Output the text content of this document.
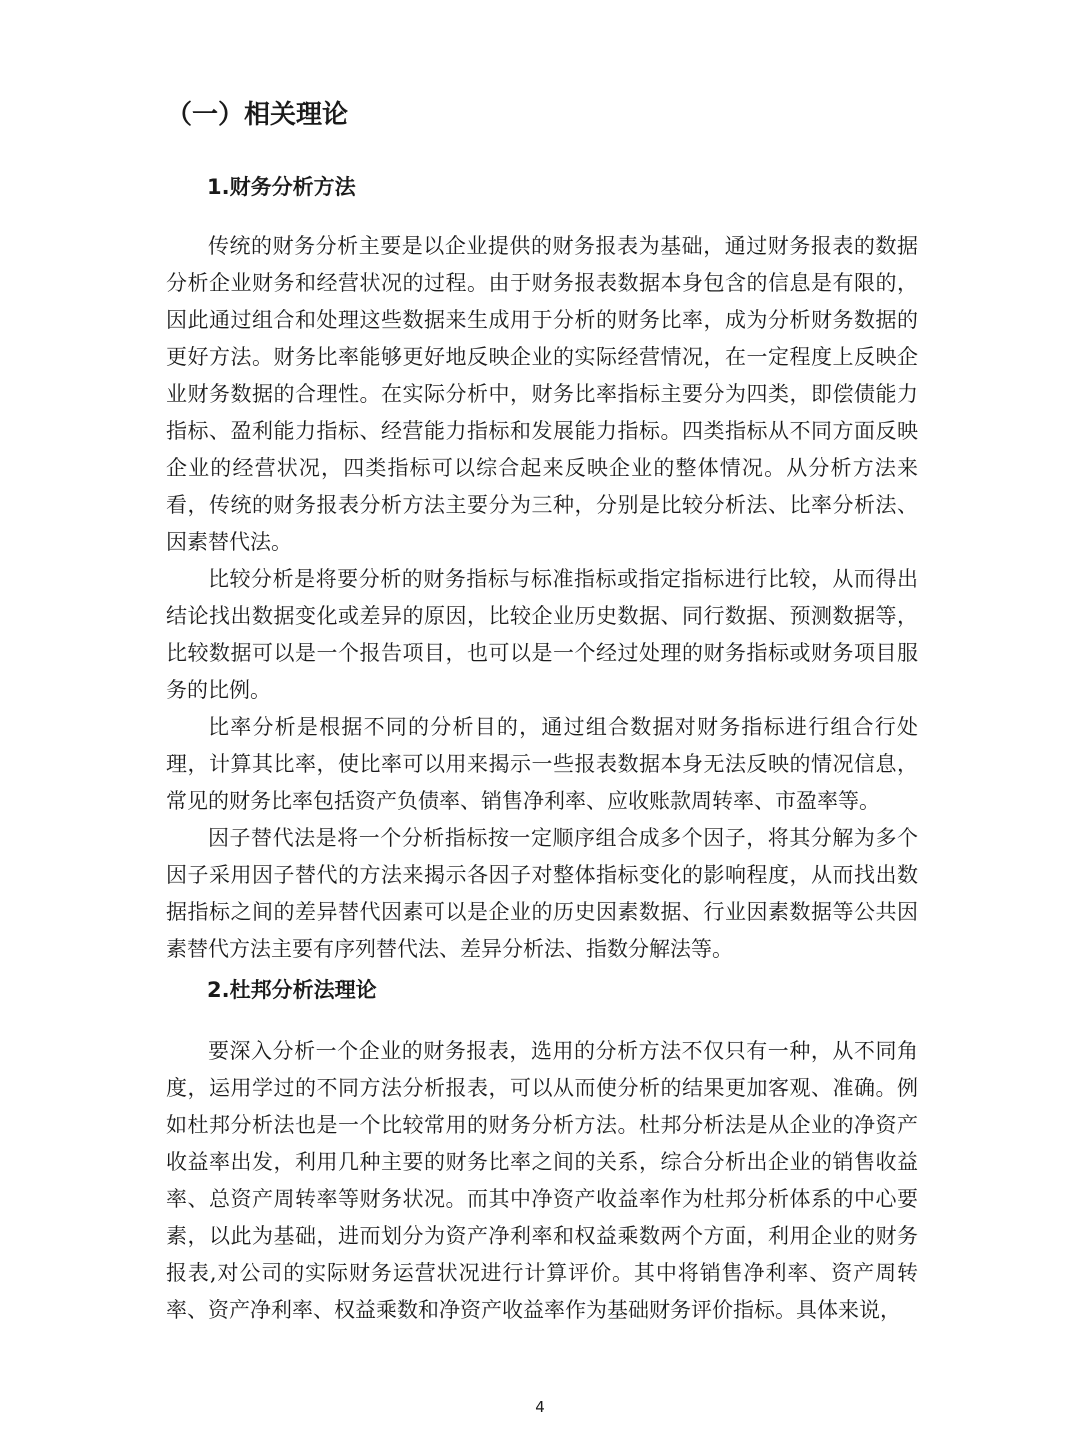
（一）相关理论
1.财务分析方法

传统的财务分析主要是以企业提供的财务报表为基础，通过财务报表的数据分析企业财务和经营状况的过程。由于财务报表数据本身包含的信息是有限的，因此通过组合和处理这些数据来生成用于分析的财务比率，成为分析财务数据的更好方法。财务比率能够更好地反映企业的实际经营情况，在一定程度上反映企业财务数据的合理性。在实际分析中，财务比率指标主要分为四类，即偿债能力指标、盈利能力指标、经营能力指标和发展能力指标。四类指标从不同方面反映企业的经营状况，四类指标可以综合起来反映企业的整体情况。从分析方法来看，传统的财务报表分析方法主要分为三种，分别是比较分析法、比率分析法、因素替代法。

比较分析是将要分析的财务指标与标准指标或指定指标进行比较，从而得出结论找出数据变化或差异的原因，比较企业历史数据、同行数据、预测数据等，比较数据可以是一个报告项目，也可以是一个经过处理的财务指标或财务项目服务的比例。

比率分析是根据不同的分析目的，通过组合数据对财务指标进行组合行处理，计算其比率，使比率可以用来揭示一些报表数据本身无法反映的情况信息，常见的财务比率包括资产负债率、销售净利率、应收账款周转率、市盈率等。

因子替代法是将一个分析指标按一定顺序组合成多个因子，将其分解为多个因子采用因子替代的方法来揭示各因子对整体指标变化的影响程度，从而找出数据指标之间的差异替代因素可以是企业的历史因素数据、行业因素数据等公共因素替代方法主要有序列替代法、差异分析法、指数分解法等。

2.杜邦分析法理论

要深入分析一个企业的财务报表，选用的分析方法不仅只有一种，从不同角度，运用学过的不同方法分析报表，可以从而使分析的结果更加客观、准确。例如杜邦分析法也是一个比较常用的财务分析方法。杜邦分析法是从企业的净资产收益率出发，利用几种主要的财务比率之间的关系，综合分析出企业的销售收益率、总资产周转率等财务状况。而其中净资产收益率作为杜邦分析体系的中心要素，以此为基础，进而划分为资产净利率和权益乘数两个方面，利用企业的财务报表,对公司的实际财务运营状况进行计算评价。其中将销售净利率、资产周转率、资产净利率、权益乘数和净资产收益率作为基础财务评价指标。具体来说，

4
